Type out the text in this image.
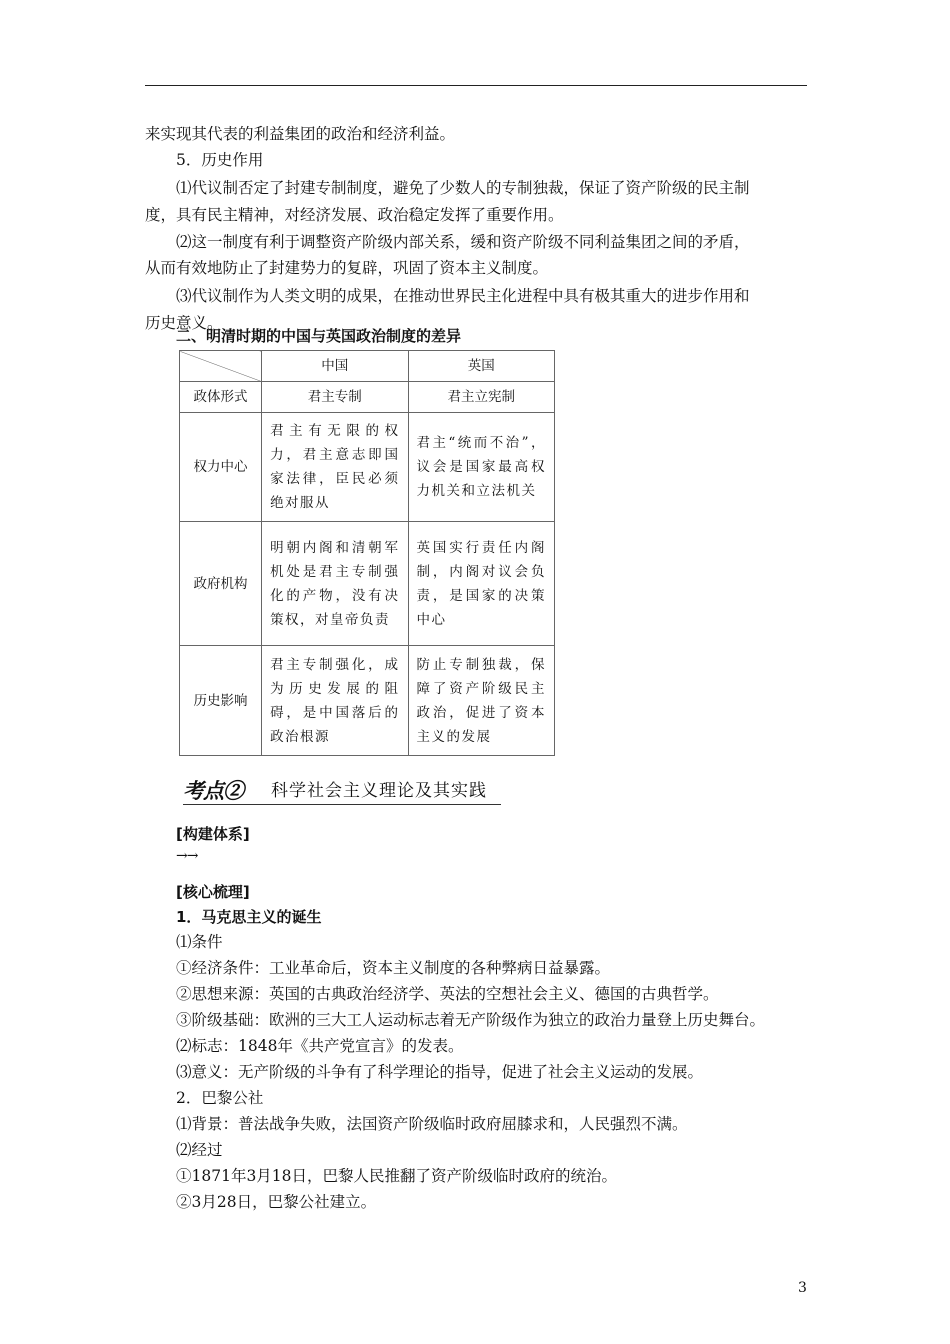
来实现其代表的利益集团的政治和经济利益。
5．历史作用
⑴代议制否定了封建专制制度，避免了少数人的专制独裁，保证了资产阶级的民主制
度，具有民主精神，对经济发展、政治稳定发挥了重要作用。
⑵这一制度有利于调整资产阶级内部关系，缓和资产阶级不同利益集团之间的矛盾，
从而有效地防止了封建势力的复辟，巩固了资本主义制度。
⑶代议制作为人类文明的成果，在推动世界民主化进程中具有极其重大的进步作用和
历史意义。
二、明清时期的中国与英国政治制度的差异
	中国	英国
政体形式	君主专制	君主立宪制
权力中心	君主有无限的权力，君主意志即国家法律，臣民必须绝对服从	君主“统而不治”，议会是国家最高权力机关和立法机关
政府机构	明朝内阁和清朝军机处是君主专制强化的产物，没有决策权，对皇帝负责	英国实行责任内阁制，内阁对议会负责，是国家的决策中心
历史影响	君主专制强化，成为历史发展的阻碍，是中国落后的政治根源	防止专制独裁，保障了资产阶级民主政治，促进了资本主义的发展
考点② 科学社会主义理论及其实践
[构建体系]
→→
[核心梳理]
1．马克思主义的诞生
⑴条件
①经济条件：工业革命后，资本主义制度的各种弊病日益暴露。
②思想来源：英国的古典政治经济学、英法的空想社会主义、德国的古典哲学。
③阶级基础：欧洲的三大工人运动标志着无产阶级作为独立的政治力量登上历史舞台。
⑵标志：1848年《共产党宣言》的发表。
⑶意义：无产阶级的斗争有了科学理论的指导，促进了社会主义运动的发展。
2．巴黎公社
⑴背景：普法战争失败，法国资产阶级临时政府屈膝求和，人民强烈不满。
⑵经过
①1871年3月18日，巴黎人民推翻了资产阶级临时政府的统治。
②3月28日，巴黎公社建立。
3
